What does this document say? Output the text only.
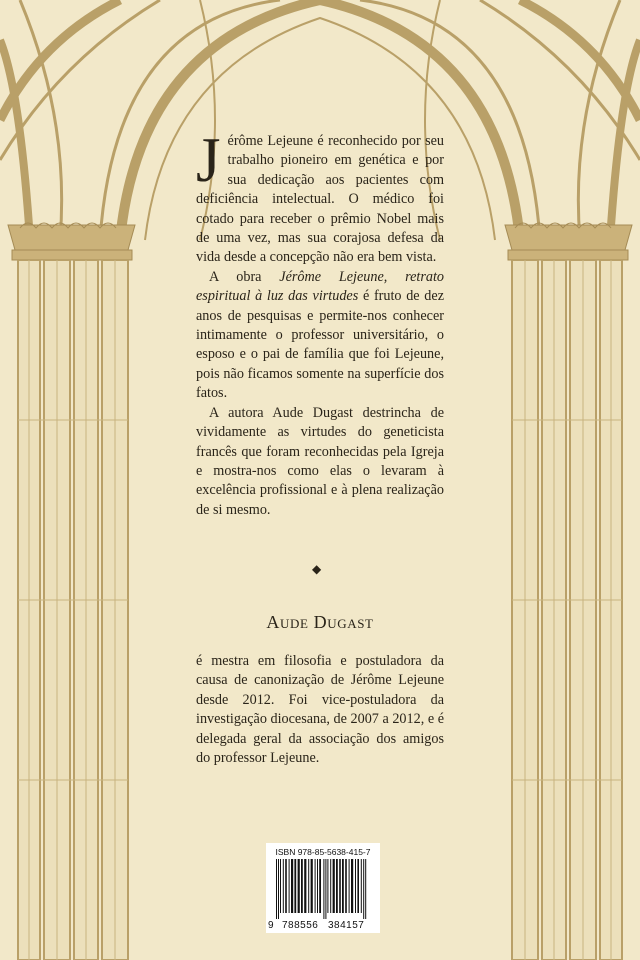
Jérôme Lejeune é reconhecido por seu trabalho pioneiro em genética e por sua dedicação aos pacientes com deficiência intelectual. O médico foi cotado para receber o prêmio Nobel mais de uma vez, mas sua corajosa defesa da vida desde a concepção não era bem vista.

A obra Jérôme Lejeune, retrato espiritual à luz das virtudes é fruto de dez anos de pesquisas e permite-nos conhecer intimamente o professor universitário, o esposo e o pai de família que foi Lejeune, pois não ficamos somente na superfície dos fatos.

A autora Aude Dugast destrincha de vividamente as virtudes do geneticista francês que foram reconhecidas pela Igreja e mostra-nos como elas o levaram à excelência profissional e à plena realização de si mesmo.

◆
Aude Dugast

é mestra em filosofia e postuladora da causa de canonização de Jérôme Lejeune desde 2012. Foi vice-postuladora da investigação diocesana, de 2007 a 2012, e é delegada geral da associação dos amigos do professor Lejeune.

ISBN 978-85-5638-415-7
9 788556 384157
